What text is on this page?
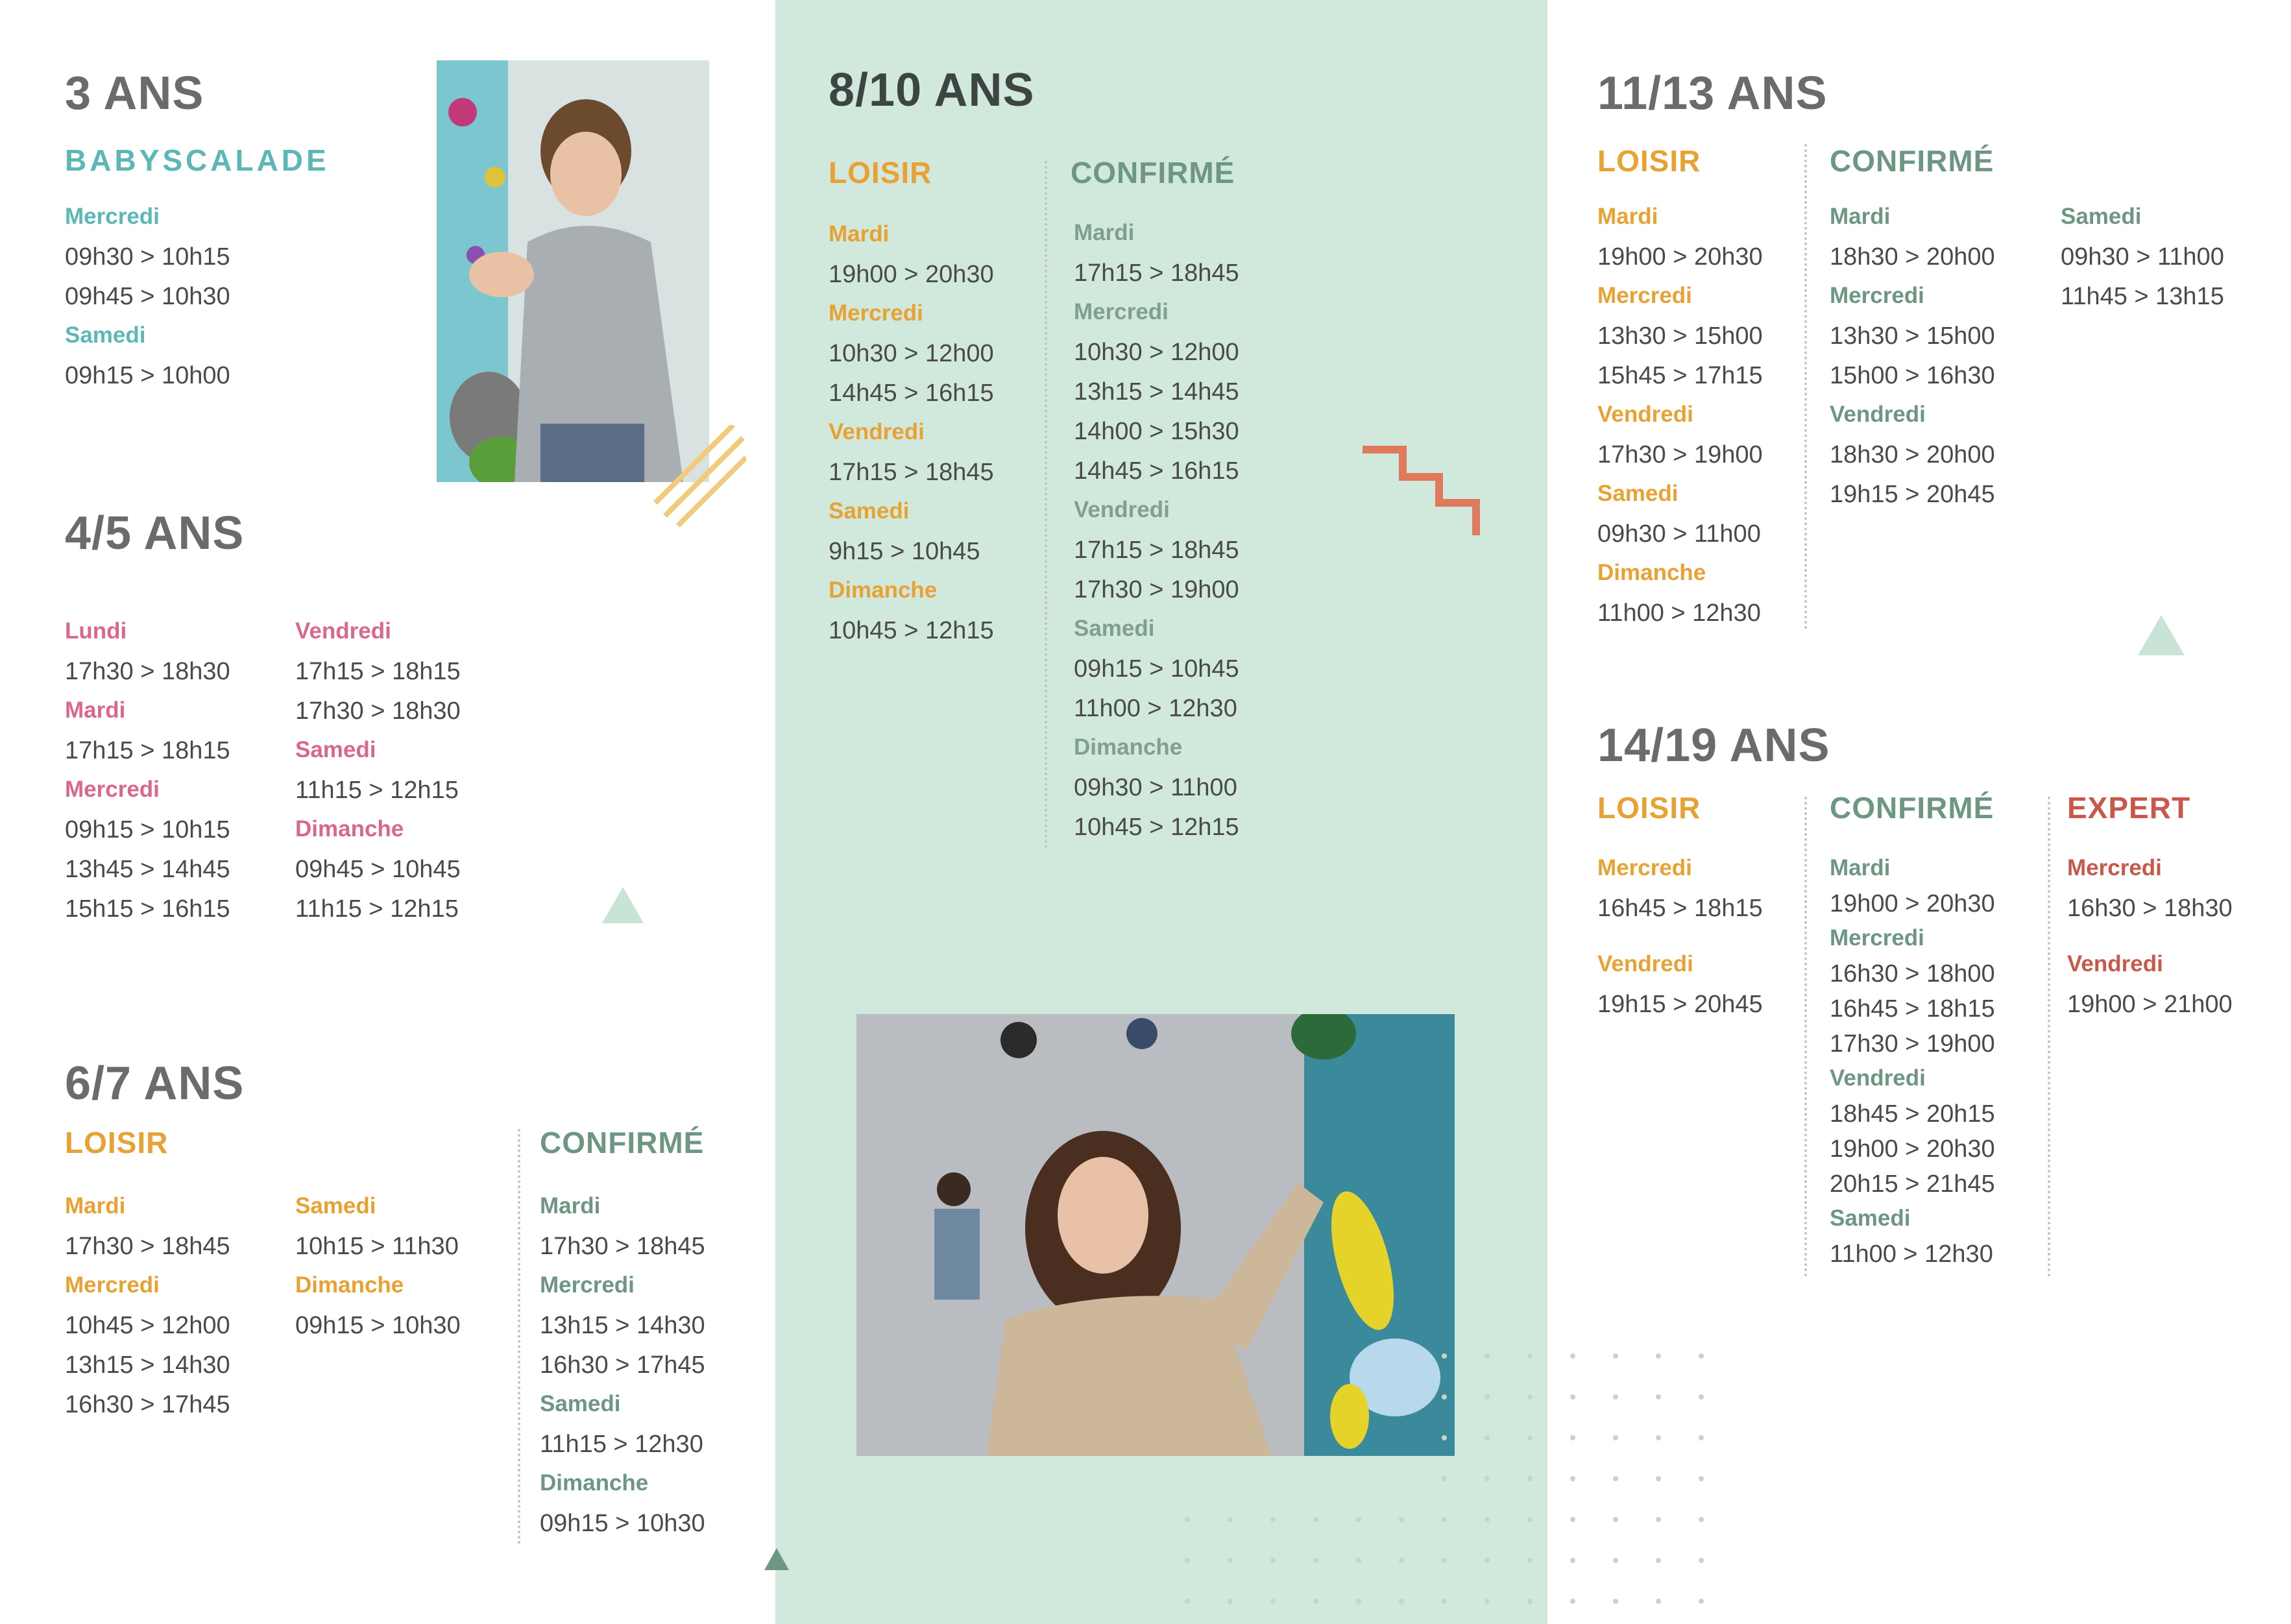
3 ANS
BABYSCALADE
Mercredi
09h30 > 10h15
09h45 > 10h30
Samedi
09h15 > 10h00
4/5 ANS
Lundi
17h30 > 18h30
Mardi
17h15 > 18h15
Mercredi
09h15 > 10h15
13h45 > 14h45
15h15 > 16h15
Vendredi
17h15 > 18h15
17h30 > 18h30
Samedi
11h15 > 12h15
Dimanche
09h45 > 10h45
11h15 > 12h15
6/7 ANS
LOISIR	CONFIRMÉ
Mardi
17h30 > 18h45
Mercredi
10h45 > 12h00
13h15 > 14h30
16h30 > 17h45
Samedi
10h15 > 11h30
Dimanche
09h15 > 10h30
Mardi
17h30 > 18h45
Mercredi
13h15 > 14h30
16h30 > 17h45
Samedi
11h15 > 12h30
Dimanche
09h15 > 10h30
8/10 ANS
LOISIR	CONFIRMÉ
Mardi
19h00 > 20h30
Mercredi
10h30 > 12h00
14h45 > 16h15
Vendredi
17h15 > 18h45
Samedi
9h15 > 10h45
Dimanche
10h45 > 12h15
Mardi
17h15 > 18h45
Mercredi
10h30 > 12h00
13h15 > 14h45
14h00 > 15h30
14h45 > 16h15
Vendredi
17h15 > 18h45
17h30 > 19h00
Samedi
09h15 > 10h45
11h00 > 12h30
Dimanche
09h30 > 11h00
10h45 > 12h15
11/13 ANS
LOISIR	CONFIRMÉ
Mardi
19h00 > 20h30
Mercredi
13h30 > 15h00
15h45 > 17h15
Vendredi
17h30 > 19h00
Samedi
09h30 > 11h00
Dimanche
11h00 > 12h30
Mardi
18h30 > 20h00
Mercredi
13h30 > 15h00
15h00 > 16h30
Vendredi
18h30 > 20h00
19h15 > 20h45
Samedi
09h30 > 11h00
11h45 > 13h15
14/19 ANS
LOISIR	CONFIRMÉ EXPERT
Mercredi
16h45 > 18h15
Vendredi
19h15 > 20h45
Mardi
19h00 > 20h30
Mercredi
16h30 > 18h00
16h45 > 18h15
17h30 > 19h00
Vendredi
18h45 > 20h15
19h00 > 20h30
20h15 > 21h45
Samedi
11h00 > 12h30
Mercredi
16h30 > 18h30
Vendredi
19h00 > 21h00
